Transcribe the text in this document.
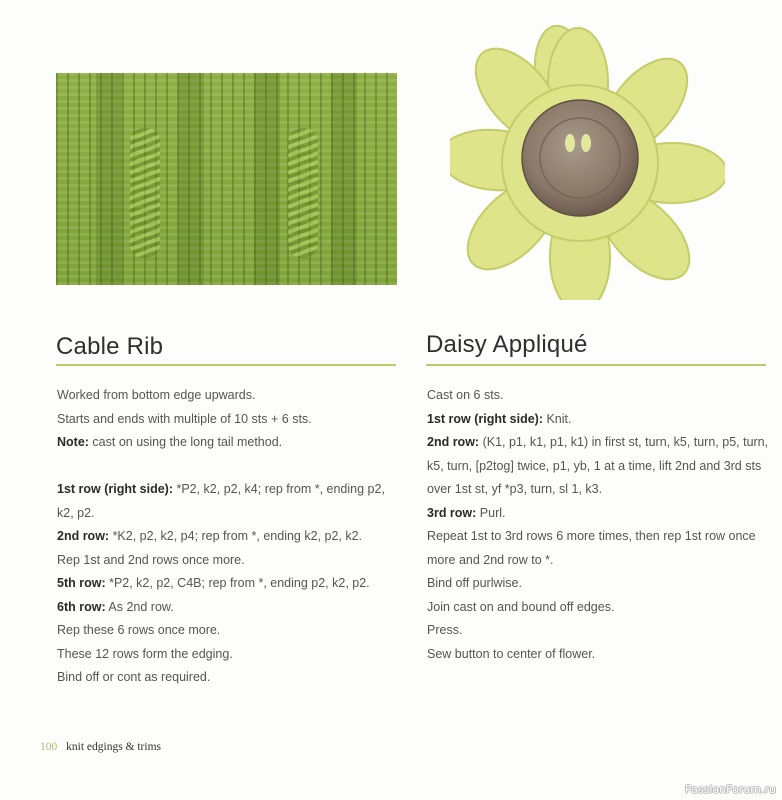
Cable Rib

Worked from bottom edge upwards.

Starts and ends with multiple of 10 sts + 6 sts.

Note: cast on using the long tail method.

1st row (right side): *P2, k2, p2, k4; rep from *, ending p2, k2, p2.

2nd row: *K2, p2, k2, p4; rep from *, ending k2, p2, k2.

Rep 1st and 2nd rows once more.

5th row: *P2, k2, p2, C4B; rep from *, ending p2, k2, p2.

6th row: As 2nd row.

Rep these 6 rows once more.

These 12 rows form the edging.

Bind off or cont as required.

Daisy Appliqué

Cast on 6 sts.

1st row (right side): Knit.

2nd row: (K1, p1, k1, p1, k1) in first st, turn, k5, turn, p5, turn, k5, turn, [p2tog] twice, p1, yb, 1 at a time, lift 2nd and 3rd sts over 1st st, yf *p3, turn, sl 1, k3.

3rd row: Purl.

Repeat 1st to 3rd rows 6 more times, then rep 1st row once more and 2nd row to *.

Bind off purlwise.

Join cast on and bound off edges.

Press.

Sew button to center of flower.

100 knit edgings & trims
PassionForum.ru
